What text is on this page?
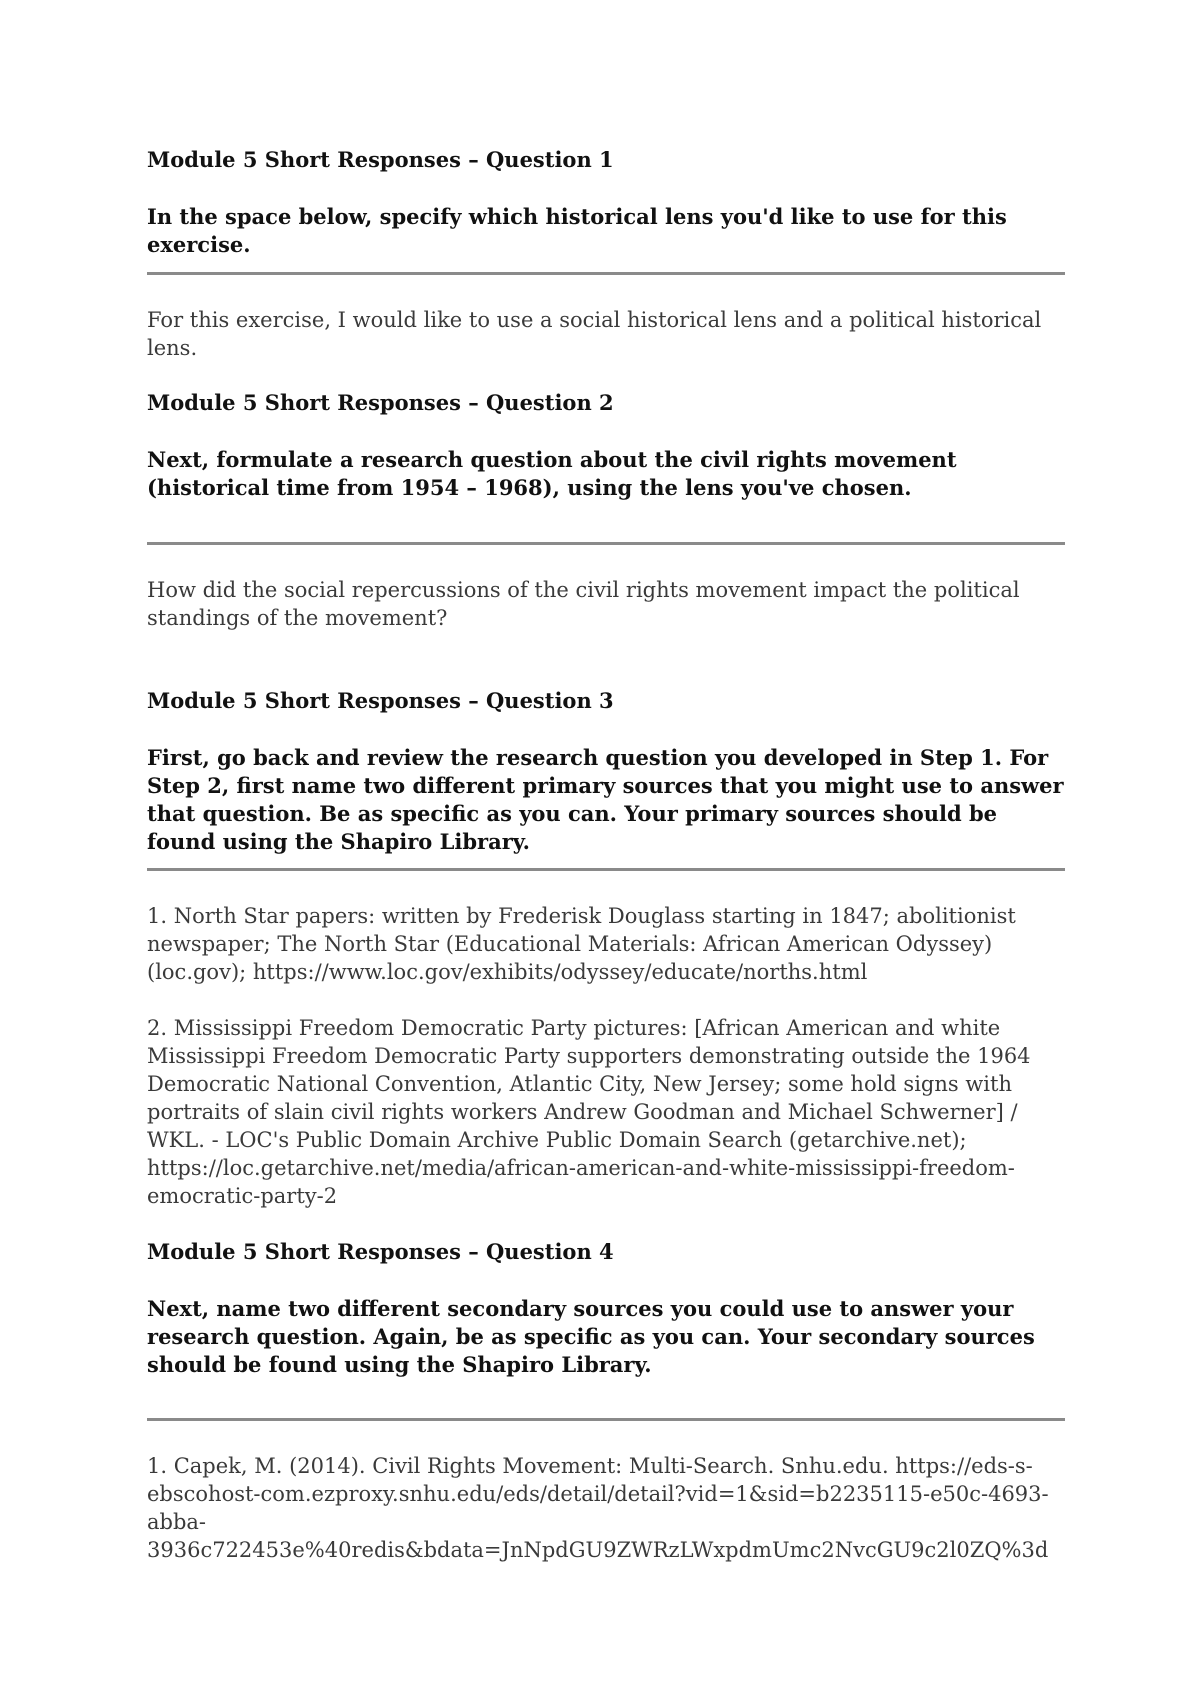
Module 5 Short Responses – Question 1

In the space below, specify which historical lens you'd like to use for this exercise.

For this exercise, I would like to use a social historical lens and a political historical lens.

Module 5 Short Responses – Question 2

Next, formulate a research question about the civil rights movement (historical time from 1954 – 1968), using the lens you've chosen.

How did the social repercussions of the civil rights movement impact the political standings of the movement?

Module 5 Short Responses – Question 3

First, go back and review the research question you developed in Step 1. For Step 2, first name two different primary sources that you might use to answer that question. Be as specific as you can. Your primary sources should be found using the Shapiro Library.

1. North Star papers: written by Frederisk Douglass starting in 1847; abolitionist newspaper; The North Star (Educational Materials: African American Odyssey) (loc.gov); https://www.loc.gov/exhibits/odyssey/educate/norths.html

2. Mississippi Freedom Democratic Party pictures: [African American and white Mississippi Freedom Democratic Party supporters demonstrating outside the 1964 Democratic National Convention, Atlantic City, New Jersey; some hold signs with portraits of slain civil rights workers Andrew Goodman and Michael Schwerner] / WKL. - LOC's Public Domain Archive Public Domain Search (getarchive.net); https://loc.getarchive.net/media/african-american-and-white-mississippi-freedom-emocratic-party-2

Module 5 Short Responses – Question 4

Next, name two different secondary sources you could use to answer your research question. Again, be as specific as you can. Your secondary sources should be found using the Shapiro Library.

1. Capek, M. (2014). Civil Rights Movement: Multi-Search. Snhu.edu. https://eds-s-ebscohost-com.ezproxy.snhu.edu/eds/detail/detail?vid=1&sid=b2235115-e50c-4693-abba-3936c722453e%40redis&bdata=JnNpdGU9ZWRzLWxpdmUmc2NvcGU9c2l0ZQ%3d
